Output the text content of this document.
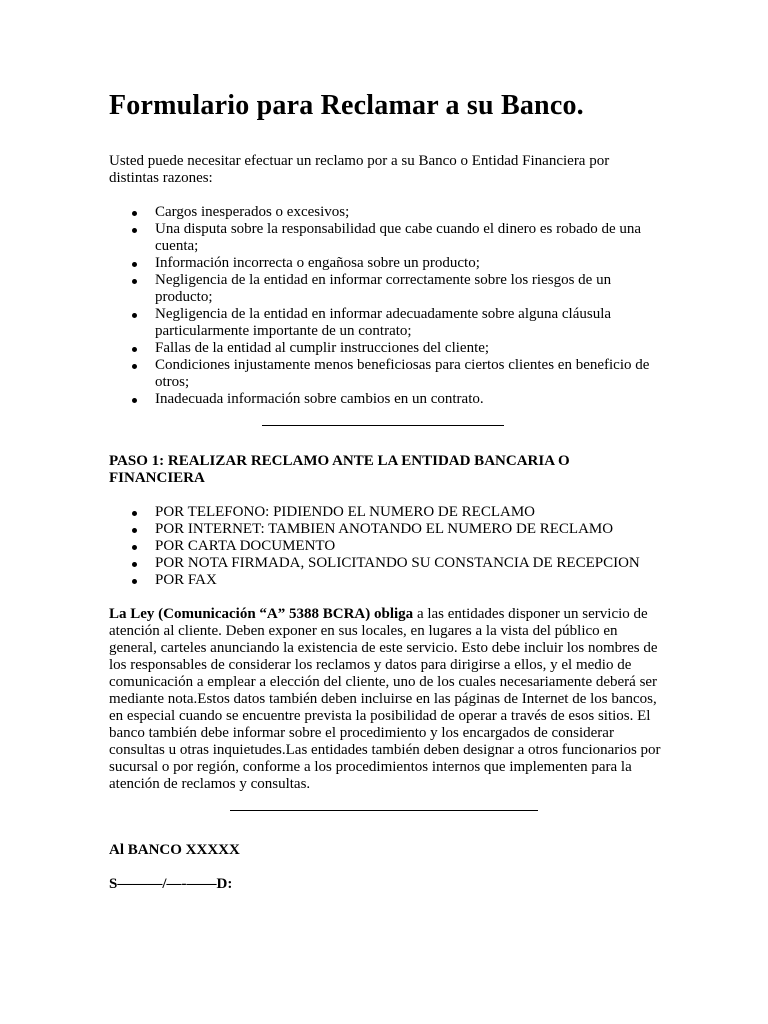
Formulario para Reclamar a su Banco.

Usted puede necesitar efectuar un reclamo por a su Banco o Entidad Financiera por distintas razones:

Cargos inesperados o excesivos;
Una disputa sobre la responsabilidad que cabe cuando el dinero es robado de una cuenta;
Información incorrecta o engañosa sobre un producto;
Negligencia de la entidad en informar correctamente sobre los riesgos de un producto;
Negligencia de la entidad en informar adecuadamente sobre alguna cláusula particularmente importante de un contrato;
Fallas de la entidad al cumplir instrucciones del cliente;
Condiciones injustamente menos beneficiosas para ciertos clientes en beneficio de otros;
Inadecuada información sobre cambios en un contrato.

PASO 1: REALIZAR RECLAMO ANTE LA ENTIDAD BANCARIA O FINANCIERA

POR TELEFONO: PIDIENDO EL NUMERO DE RECLAMO
POR INTERNET: TAMBIEN ANOTANDO EL NUMERO DE RECLAMO
POR CARTA DOCUMENTO
POR NOTA FIRMADA, SOLICITANDO SU CONSTANCIA DE RECEPCION
POR FAX

La Ley (Comunicación “A” 5388 BCRA) obliga a las entidades disponer un servicio de atención al cliente. Deben exponer en sus locales, en lugares a la vista del público en general, carteles anunciando la existencia de este servicio. Esto debe incluir los nombres de los responsables de considerar los reclamos y datos para dirigirse a ellos, y el medio de comunicación a emplear a elección del cliente, uno de los cuales necesariamente deberá ser mediante nota.Estos datos también deben incluirse en las páginas de Internet de los bancos, en especial cuando se encuentre prevista la posibilidad de operar a través de esos sitios. El banco también debe informar sobre el procedimiento y los encargados de considerar consultas u otras inquietudes.Las entidades también deben designar a otros funcionarios por sucursal o por región, conforme a los procedimientos internos que implementen para la atención de reclamos y consultas.

Al BANCO XXXXX

S———/—-——D:
